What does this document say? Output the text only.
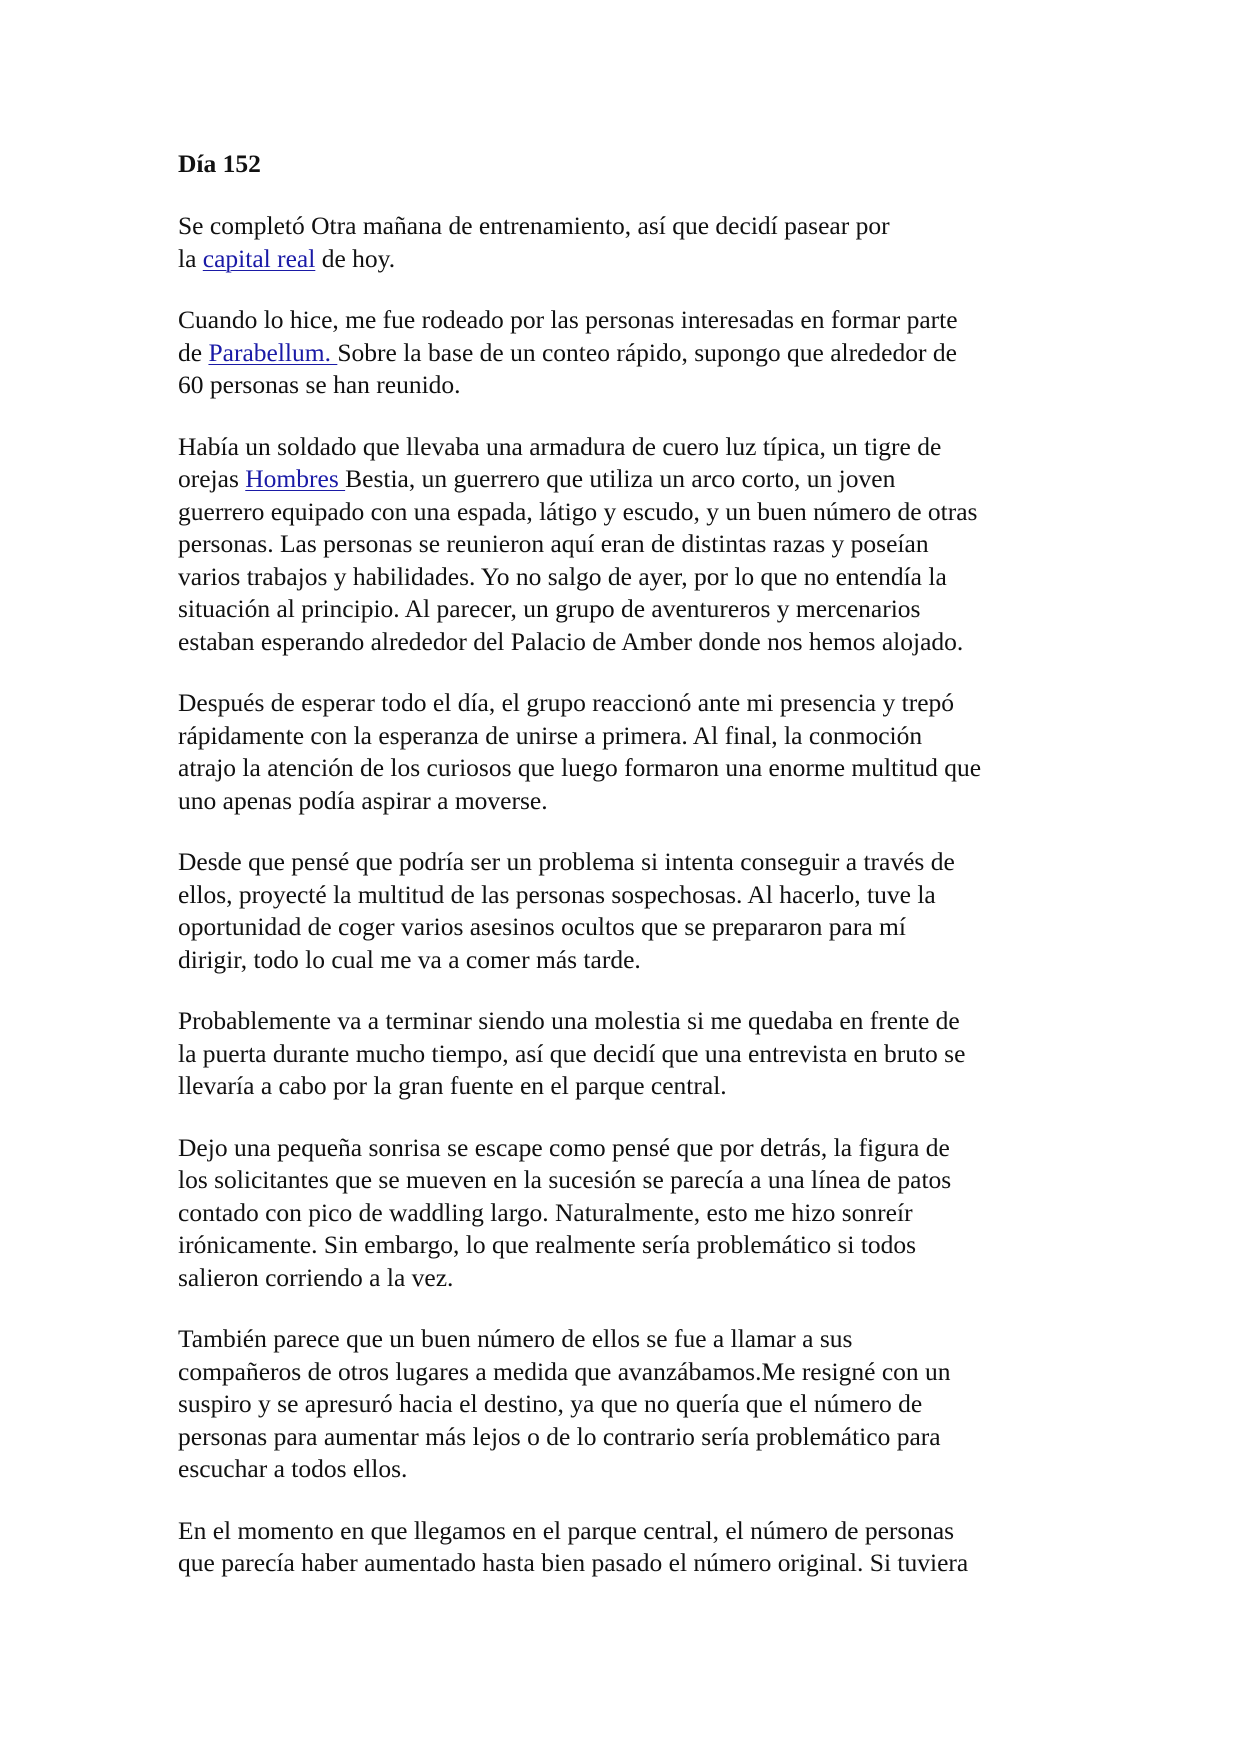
Día 152
Se completó Otra mañana de entrenamiento, así que decidí pasear por
la capital real de hoy.
Cuando lo hice, me fue rodeado por las personas interesadas en formar parte
de Parabellum. Sobre la base de un conteo rápido, supongo que alrededor de
60 personas se han reunido.
Había un soldado que llevaba una armadura de cuero luz típica, un tigre de
orejas Hombres Bestia, un guerrero que utiliza un arco corto, un joven
guerrero equipado con una espada, látigo y escudo, y un buen número de otras
personas. Las personas se reunieron aquí eran de distintas razas y poseían
varios trabajos y habilidades. Yo no salgo de ayer, por lo que no entendía la
situación al principio. Al parecer, un grupo de aventureros y mercenarios
estaban esperando alrededor del Palacio de Amber donde nos hemos alojado.
Después de esperar todo el día, el grupo reaccionó ante mi presencia y trepó
rápidamente con la esperanza de unirse a primera. Al final, la conmoción
atrajo la atención de los curiosos que luego formaron una enorme multitud que
uno apenas podía aspirar a moverse.
Desde que pensé que podría ser un problema si intenta conseguir a través de
ellos, proyecté la multitud de las personas sospechosas. Al hacerlo, tuve la
oportunidad de coger varios asesinos ocultos que se prepararon para mí
dirigir, todo lo cual me va a comer más tarde.
Probablemente va a terminar siendo una molestia si me quedaba en frente de
la puerta durante mucho tiempo, así que decidí que una entrevista en bruto se
llevaría a cabo por la gran fuente en el parque central.
Dejo una pequeña sonrisa se escape como pensé que por detrás, la figura de
los solicitantes que se mueven en la sucesión se parecía a una línea de patos
contado con pico de waddling largo. Naturalmente, esto me hizo sonreír
irónicamente. Sin embargo, lo que realmente sería problemático si todos
salieron corriendo a la vez.
También parece que un buen número de ellos se fue a llamar a sus
compañeros de otros lugares a medida que avanzábamos.Me resigné con un
suspiro y se apresuró hacia el destino, ya que no quería que el número de
personas para aumentar más lejos o de lo contrario sería problemático para
escuchar a todos ellos.
En el momento en que llegamos en el parque central, el número de personas
que parecía haber aumentado hasta bien pasado el número original. Si tuviera
